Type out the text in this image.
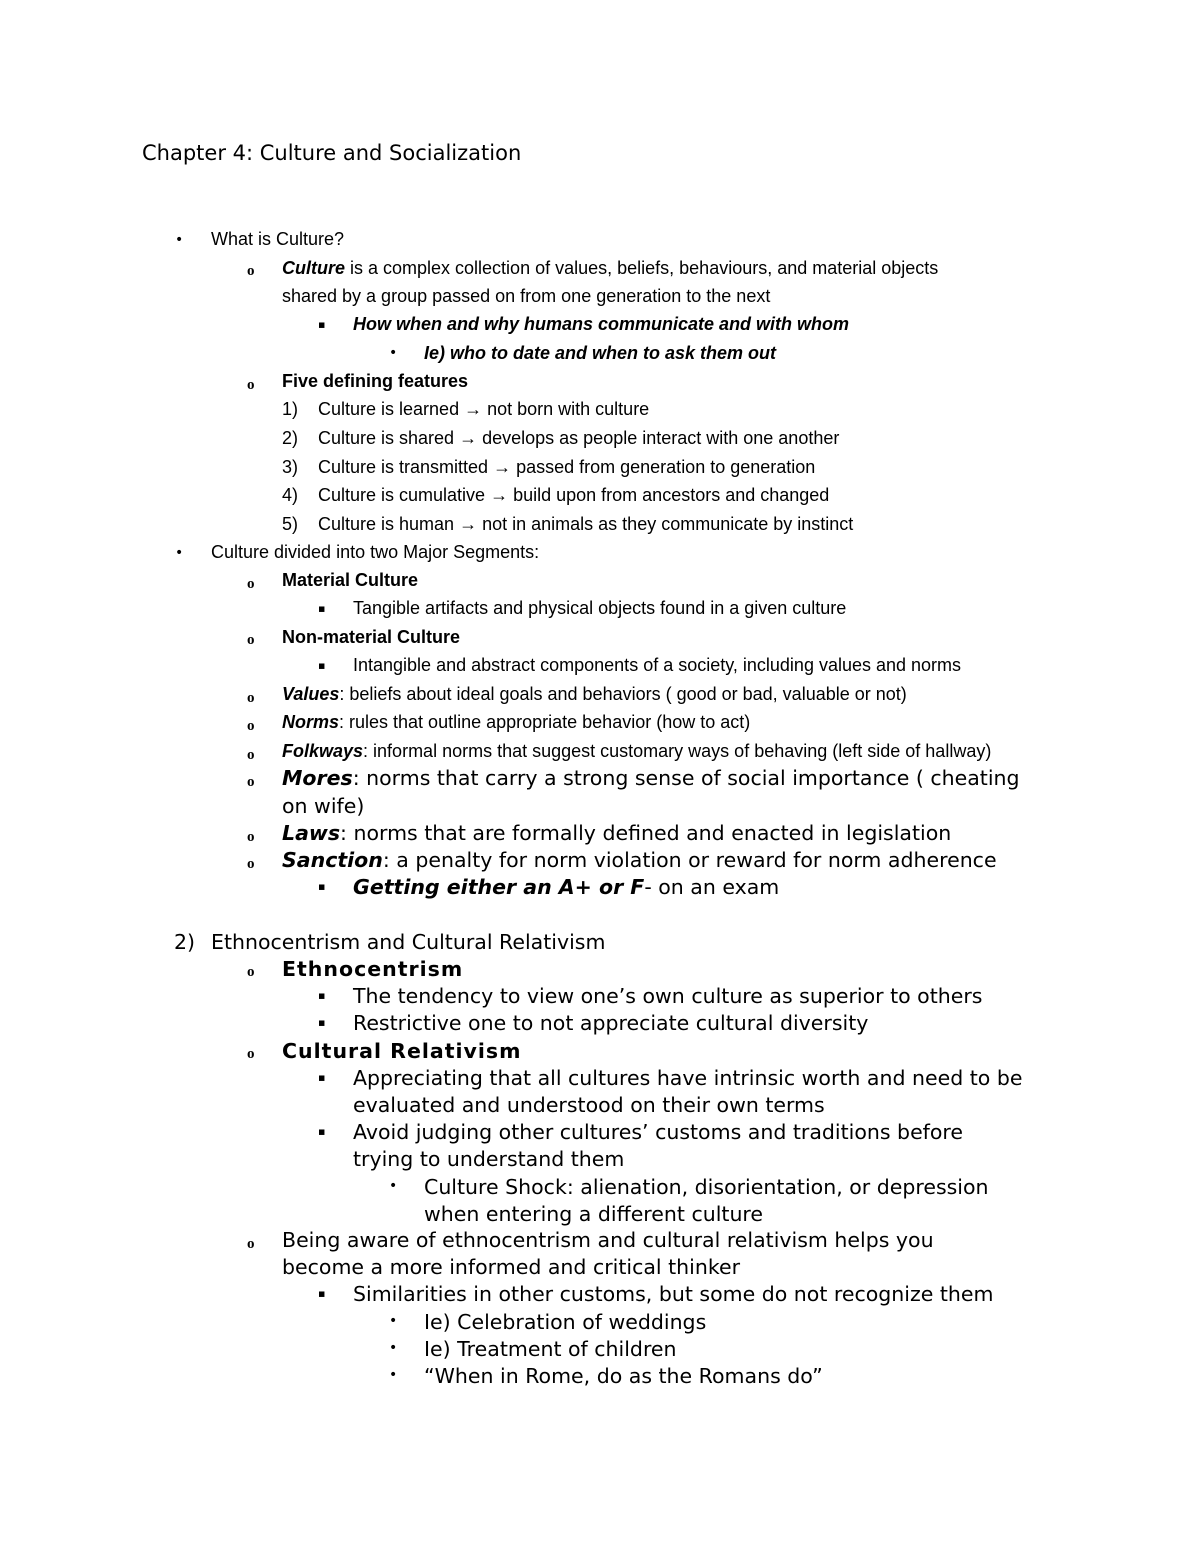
Chapter 4: Culture and Socialization
• What is Culture?
o Culture is a complex collection of values, beliefs, behaviours, and material objects
shared by a group passed on from one generation to the next
▪ How when and why humans communicate and with whom
• Ie) who to date and when to ask them out
o Five defining features
1) Culture is learned → not born with culture
2) Culture is shared → develops as people interact with one another
3) Culture is transmitted → passed from generation to generation
4) Culture is cumulative → build upon from ancestors and changed
5) Culture is human → not in animals as they communicate by instinct
• Culture divided into two Major Segments:
o Material Culture
▪ Tangible artifacts and physical objects found in a given culture
o Non-material Culture
▪ Intangible and abstract components of a society, including values and norms
o Values: beliefs about ideal goals and behaviors ( good or bad, valuable or not)
o Norms: rules that outline appropriate behavior (how to act)
o Folkways: informal norms that suggest customary ways of behaving (left side of hallway)
o Mores: norms that carry a strong sense of social importance ( cheating
on wife)
o Laws: norms that are formally defined and enacted in legislation
o Sanction: a penalty for norm violation or reward for norm adherence
▪ Getting either an A+ or F- on an exam
2) Ethnocentrism and Cultural Relativism
o Ethnocentrism
▪ The tendency to view one’s own culture as superior to others
▪ Restrictive one to not appreciate cultural diversity
o Cultural Relativism
▪ Appreciating that all cultures have intrinsic worth and need to be
evaluated and understood on their own terms
▪ Avoid judging other cultures’ customs and traditions before
trying to understand them
• Culture Shock: alienation, disorientation, or depression
when entering a different culture
o Being aware of ethnocentrism and cultural relativism helps you
become a more informed and critical thinker
▪ Similarities in other customs, but some do not recognize them
• Ie) Celebration of weddings
• Ie) Treatment of children
• “When in Rome, do as the Romans do”
